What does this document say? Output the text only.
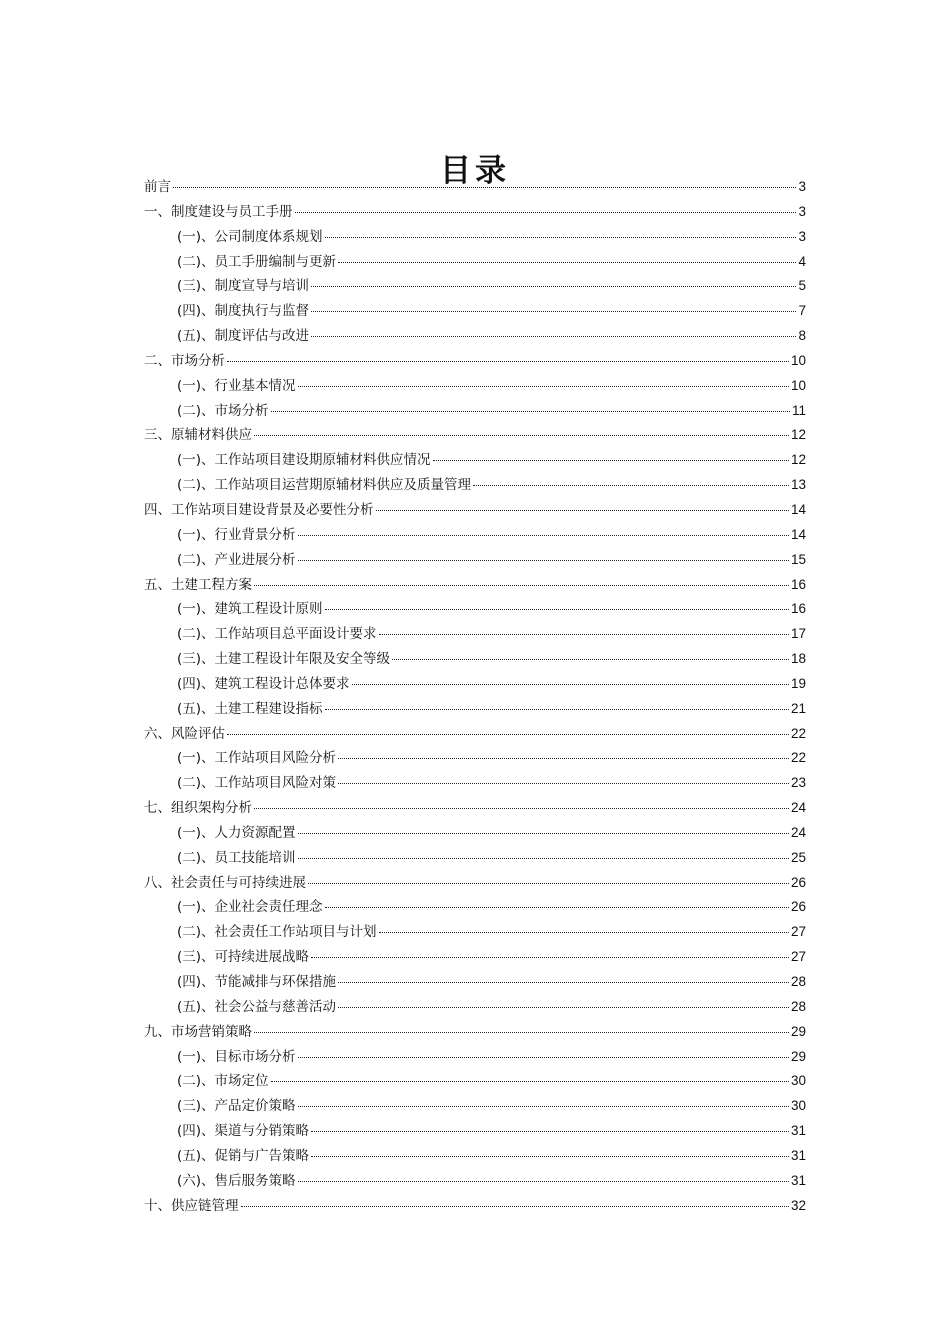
目录
前言	3
一、制度建设与员工手册	3
(一)、公司制度体系规划	3
(二)、员工手册编制与更新	4
(三)、制度宣导与培训	5
(四)、制度执行与监督	7
(五)、制度评估与改进	8
二、市场分析	10
(一)、行业基本情况	10
(二)、市场分析	11
三、原辅材料供应	12
(一)、工作站项目建设期原辅材料供应情况	12
(二)、工作站项目运营期原辅材料供应及质量管理	13
四、工作站项目建设背景及必要性分析	14
(一)、行业背景分析	14
(二)、产业进展分析	15
五、土建工程方案	16
(一)、建筑工程设计原则	16
(二)、工作站项目总平面设计要求	17
(三)、土建工程设计年限及安全等级	18
(四)、建筑工程设计总体要求	19
(五)、土建工程建设指标	21
六、风险评估	22
(一)、工作站项目风险分析	22
(二)、工作站项目风险对策	23
七、组织架构分析	24
(一)、人力资源配置	24
(二)、员工技能培训	25
八、社会责任与可持续进展	26
(一)、企业社会责任理念	26
(二)、社会责任工作站项目与计划	27
(三)、可持续进展战略	27
(四)、节能减排与环保措施	28
(五)、社会公益与慈善活动	28
九、市场营销策略	29
(一)、目标市场分析	29
(二)、市场定位	30
(三)、产品定价策略	30
(四)、渠道与分销策略	31
(五)、促销与广告策略	31
(六)、售后服务策略	31
十、供应链管理	32
